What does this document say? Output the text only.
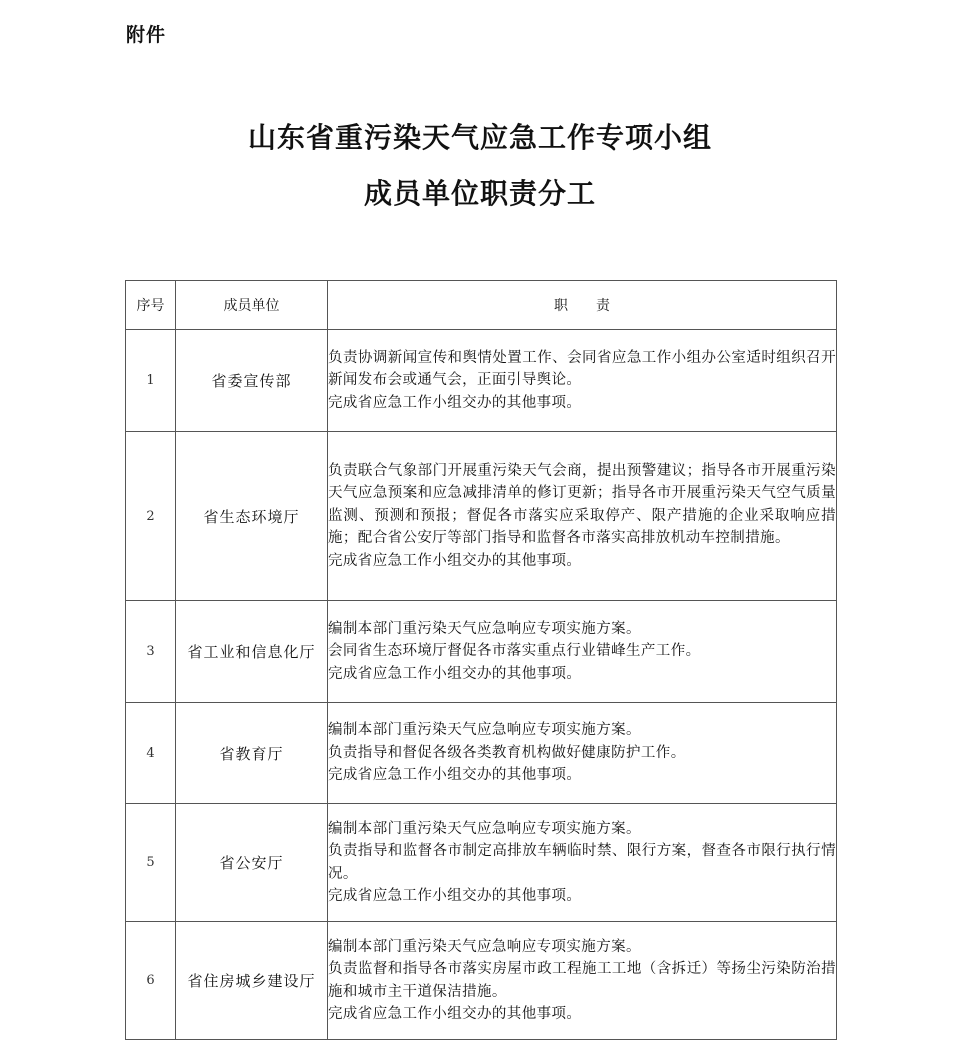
附件
山东省重污染天气应急工作专项小组
成员单位职责分工
序号	成员单位	职　　责
1	省委宣传部	负责协调新闻宣传和舆情处置工作、会同省应急工作小组办公室适时组织召开新闻发布会或通气会，正面引导舆论。
完成省应急工作小组交办的其他事项。

2	省生态环境厅	负责联合气象部门开展重污染天气会商，提出预警建议；指导各市开展重污染天气应急预案和应急减排清单的修订更新；指导各市开展重污染天气空气质量监测、预测和预报；督促各市落实应采取停产、限产措施的企业采取响应措施；配合省公安厅等部门指导和监督各市落实高排放机动车控制措施。
完成省应急工作小组交办的其他事项。

3	省工业和信息化厅	编制本部门重污染天气应急响应专项实施方案。
会同省生态环境厅督促各市落实重点行业错峰生产工作。
完成省应急工作小组交办的其他事项。

4	省教育厅	编制本部门重污染天气应急响应专项实施方案。
负责指导和督促各级各类教育机构做好健康防护工作。
完成省应急工作小组交办的其他事项。

5	省公安厅	编制本部门重污染天气应急响应专项实施方案。
负责指导和监督各市制定高排放车辆临时禁、限行方案，督查各市限行执行情况。
完成省应急工作小组交办的其他事项。

6	省住房城乡建设厅	编制本部门重污染天气应急响应专项实施方案。
负责监督和指导各市落实房屋市政工程施工工地（含拆迁）等扬尘污染防治措施和城市主干道保洁措施。
完成省应急工作小组交办的其他事项。
